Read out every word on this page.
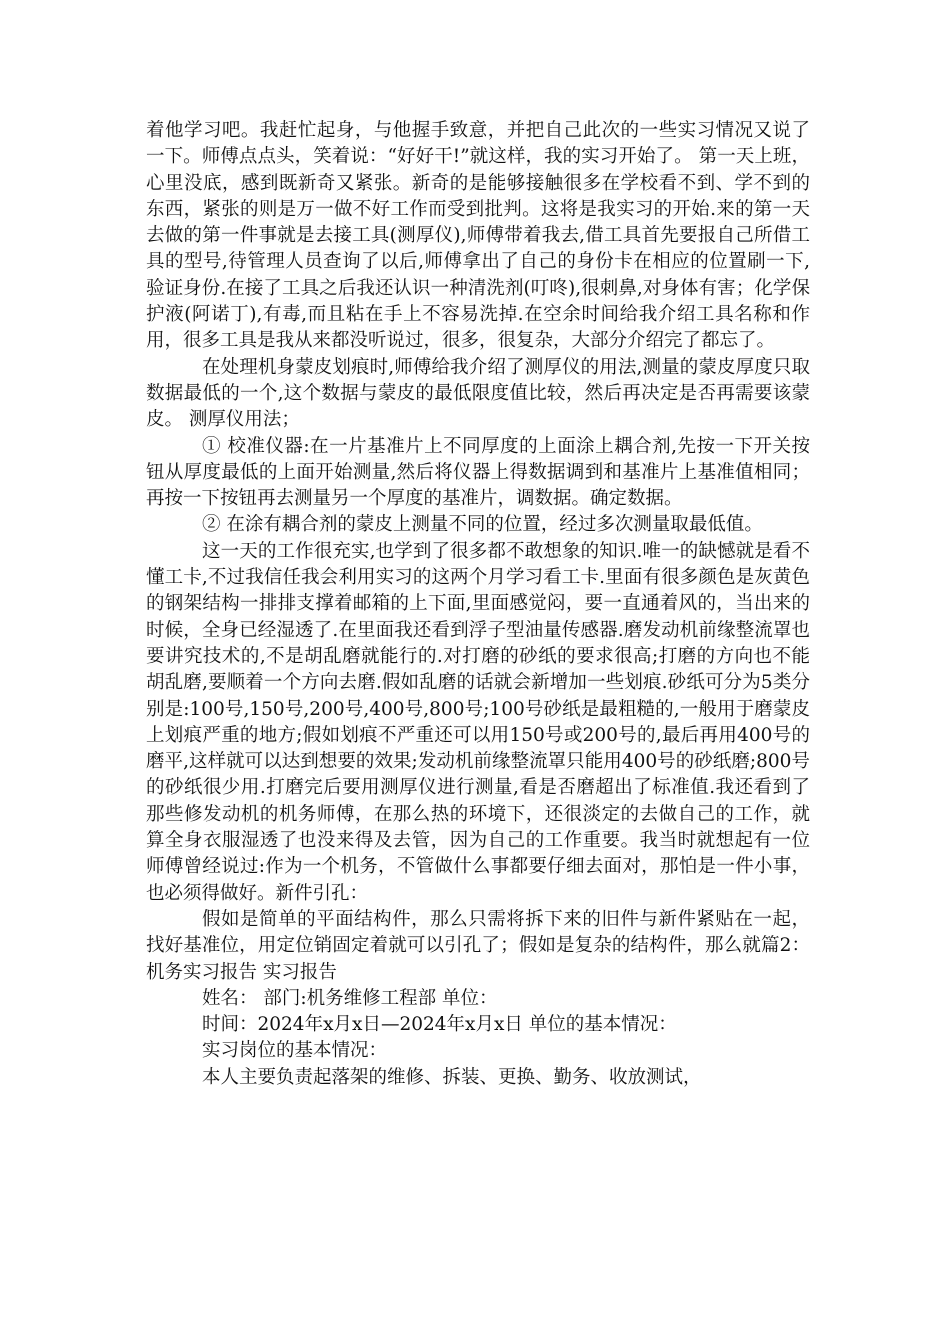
着他学习吧。我赶忙起身，与他握手致意，并把自己此次的一些实习情况又说了一下。师傅点点头，笑着说：“好好干!”就这样，我的实习开始了。 第一天上班，心里没底，感到既新奇又紧张。新奇的是能够接触很多在学校看不到、学不到的东西，紧张的则是万一做不好工作而受到批判。这将是我实习的开始.来的第一天去做的第一件事就是去接工具(测厚仪),师傅带着我去,借工具首先要报自己所借工具的型号,待管理人员查询了以后,师傅拿出了自己的身份卡在相应的位置刷一下,验证身份.在接了工具之后我还认识一种清洗剂(叮咚),很刺鼻,对身体有害；化学保护液(阿诺丁),有毒,而且粘在手上不容易洗掉.在空余时间给我介绍工具名称和作用，很多工具是我从来都没听说过，很多，很复杂，大部分介绍完了都忘了。

在处理机身蒙皮划痕时,师傅给我介绍了测厚仪的用法,测量的蒙皮厚度只取数据最低的一个,这个数据与蒙皮的最低限度值比较，然后再决定是否再需要该蒙皮。 测厚仪用法；

① 校准仪器:在一片基准片上不同厚度的上面涂上耦合剂,先按一下开关按钮从厚度最低的上面开始测量,然后将仪器上得数据调到和基准片上基准值相同；再按一下按钮再去测量另一个厚度的基准片，调数据。确定数据。

② 在涂有耦合剂的蒙皮上测量不同的位置，经过多次测量取最低值。

这一天的工作很充实,也学到了很多都不敢想象的知识.唯一的缺憾就是看不懂工卡,不过我信任我会利用实习的这两个月学习看工卡.里面有很多颜色是灰黄色的钢架结构一排排支撑着邮箱的上下面,里面感觉闷，要一直通着风的，当出来的时候，全身已经湿透了.在里面我还看到浮子型油量传感器.磨发动机前缘整流罩也要讲究技术的,不是胡乱磨就能行的.对打磨的砂纸的要求很高;打磨的方向也不能胡乱磨,要顺着一个方向去磨.假如乱磨的话就会新增加一些划痕.砂纸可分为5类分别是:100号,150号,200号,400号,800号;100号砂纸是最粗糙的,一般用于磨蒙皮上划痕严重的地方;假如划痕不严重还可以用150号或200号的,最后再用400号的磨平,这样就可以达到想要的效果;发动机前缘整流罩只能用400号的砂纸磨;800号的砂纸很少用.打磨完后要用测厚仪进行测量,看是否磨超出了标准值.我还看到了那些修发动机的机务师傅，在那么热的环境下，还很淡定的去做自己的工作，就算全身衣服湿透了也没来得及去管，因为自己的工作重要。我当时就想起有一位师傅曾经说过:作为一个机务，不管做什么事都要仔细去面对，那怕是一件小事，也必须得做好。新件引孔：

假如是简单的平面结构件，那么只需将拆下来的旧件与新件紧贴在一起，找好基准位，用定位销固定着就可以引孔了；假如是复杂的结构件，那么就篇2：机务实习报告 实习报告

姓名： 部门:机务维修工程部 单位：

时间：2024年x月x日—2024年x月x日 单位的基本情况：

实习岗位的基本情况：

本人主要负责起落架的维修、拆装、更换、勤务、收放测试，
